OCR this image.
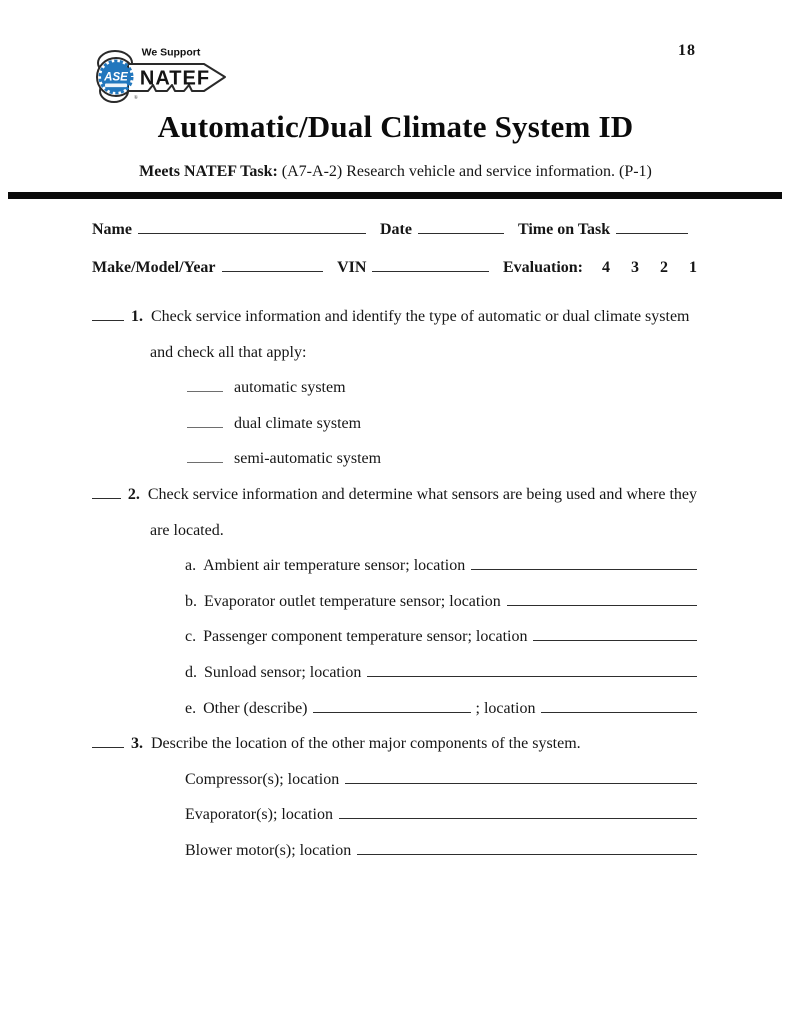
ASE
®
We Support
NATEF
18
Automatic/Dual Climate System ID
Meets NATEF Task: (A7-A-2) Research vehicle and service information. (P-1)
Name	Date	Time on Task
Make/Model/Year	VIN	Evaluation: 4 3 2 1
1. Check service information and identify the type of automatic or dual climate system
and check all that apply:
automatic system
dual climate system
semi-automatic system
2. Check service information and determine what sensors are being used and where they
are located.
a. Ambient air temperature sensor; location
b. Evaporator outlet temperature sensor; location
c. Passenger component temperature sensor; location
d. Sunload sensor; location
e. Other (describe)	; location
3. Describe the location of the other major components of the system.
Compressor(s); location
Evaporator(s); location
Blower motor(s); location
